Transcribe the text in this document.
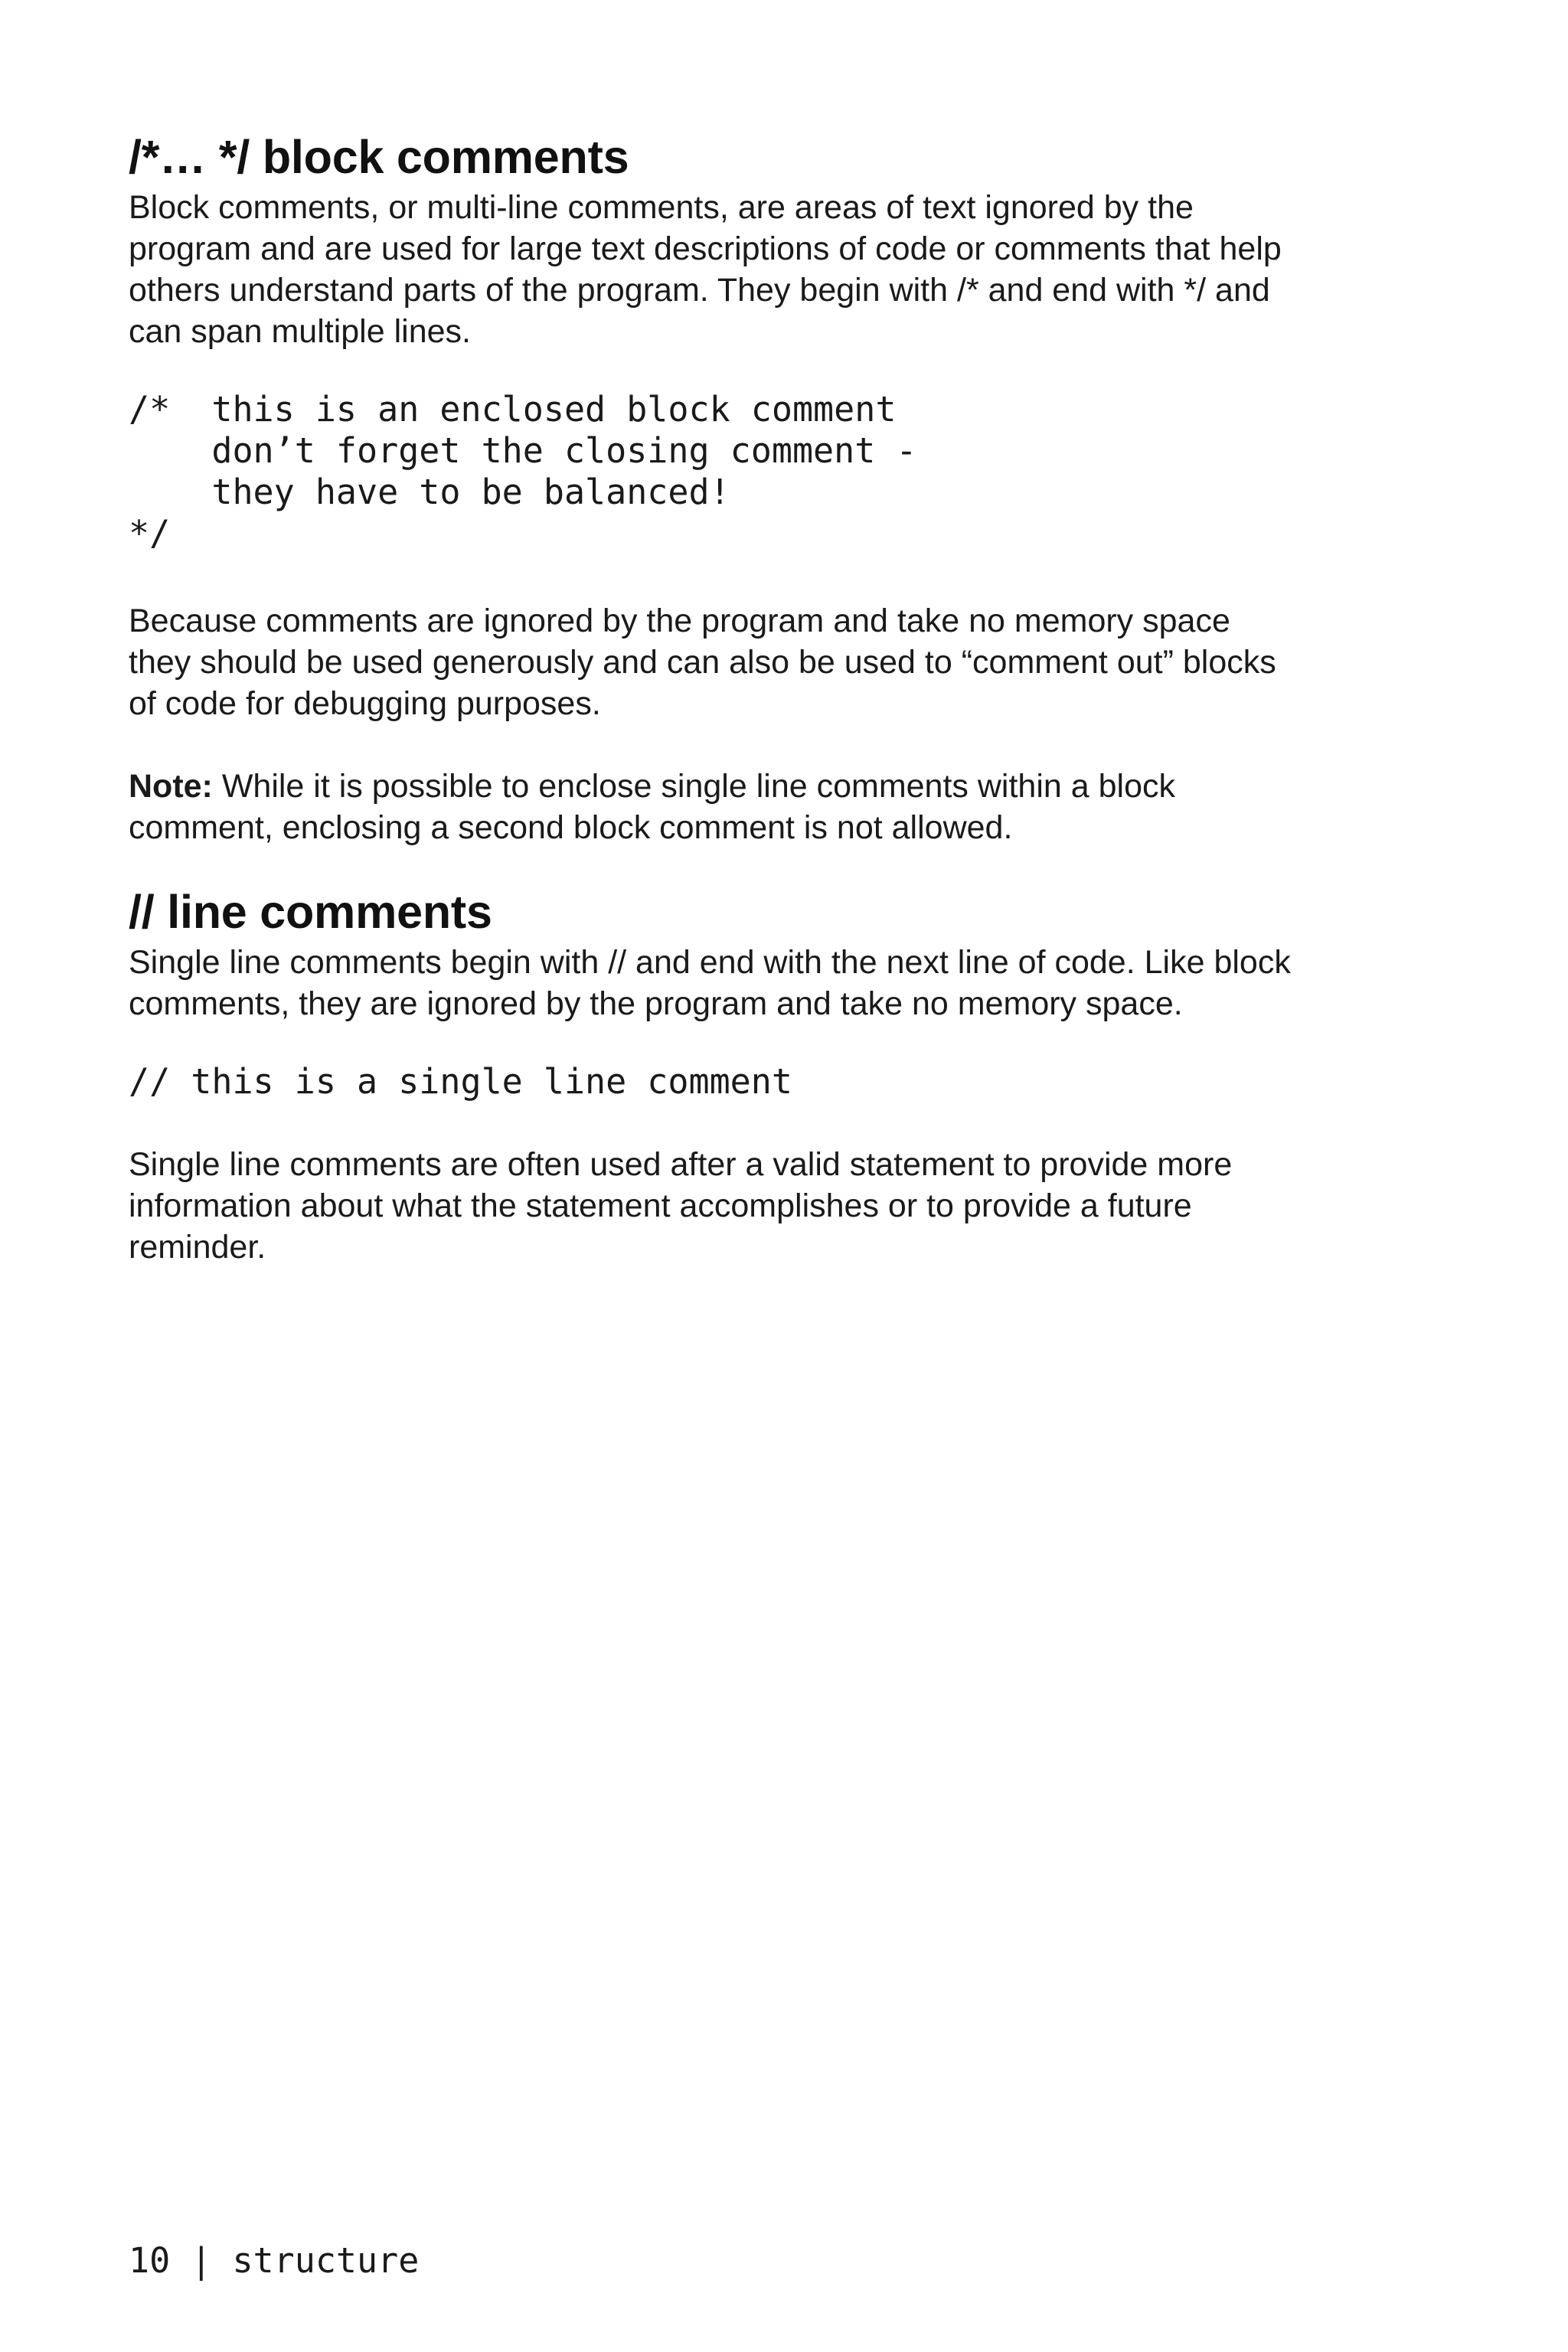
/*… */ block comments

Block comments, or multi-line comments, are areas of text ignored by the

program and are used for large text descriptions of code or comments that help

others understand parts of the program. They begin with /* and end with */ and

can span multiple lines.

/*  this is an enclosed block comment
don’t forget the closing comment -
they have to be balanced!
*/

Because comments are ignored by the program and take no memory space

they should be used generously and can also be used to “comment out” blocks

of code for debugging purposes.

Note: While it is possible to enclose single line comments within a block

comment, enclosing a second block comment is not allowed.

// line comments

Single line comments begin with // and end with the next line of code. Like block

comments, they are ignored by the program and take no memory space.

// this is a single line comment

Single line comments are often used after a valid statement to provide more

information about what the statement accomplishes or to provide a future

reminder.

10 | structure
